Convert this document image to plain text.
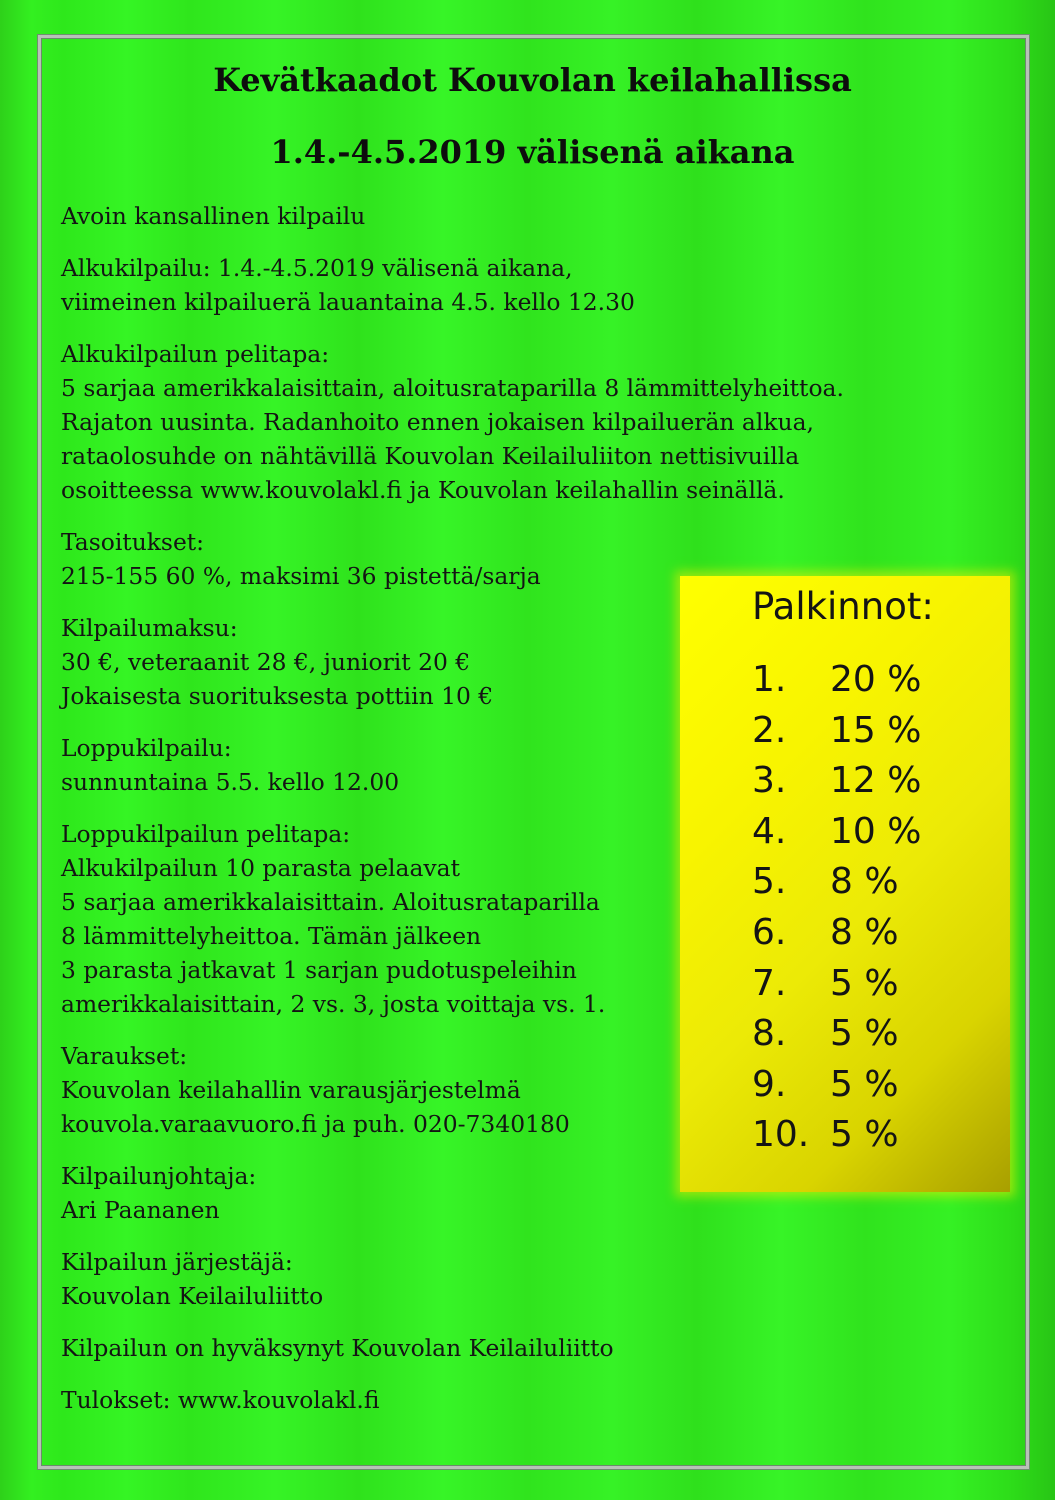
Kevätkaadot Kouvolan keilahallissa
1.4.-4.5.2019 välisenä aikana
Avoin kansallinen kilpailu
Alkukilpailu: 1.4.-4.5.2019 välisenä aikana,
viimeinen kilpailuerä lauantaina 4.5. kello 12.30
Alkukilpailun pelitapa:
5 sarjaa amerikkalaisittain, aloitusrataparilla 8 lämmittelyheittoa.
Rajaton uusinta. Radanhoito ennen jokaisen kilpailuerän alkua,
rataolosuhde on nähtävillä Kouvolan Keilailuliiton nettisivuilla
osoitteessa www.kouvolakl.fi ja Kouvolan keilahallin seinällä.
Tasoitukset:
215-155 60 %, maksimi 36 pistettä/sarja
Kilpailumaksu:
30 €, veteraanit 28 €, juniorit 20 €
Jokaisesta suorituksesta pottiin 10 €
Loppukilpailu:
sunnuntaina 5.5. kello 12.00
Loppukilpailun pelitapa:
Alkukilpailun 10 parasta pelaavat
5 sarjaa amerikkalaisittain. Aloitusrataparilla
8 lämmittelyheittoa. Tämän jälkeen
3 parasta jatkavat 1 sarjan pudotuspeleihin
amerikkalaisittain, 2 vs. 3, josta voittaja vs. 1.
Varaukset:
Kouvolan keilahallin varausjärjestelmä
kouvola.varaavuoro.fi ja puh. 020-7340180
Kilpailunjohtaja:
Ari Paananen
Kilpailun järjestäjä:
Kouvolan Keilailuliitto
Kilpailun on hyväksynyt Kouvolan Keilailuliitto
Tulokset: www.kouvolakl.fi

Palkinnot:

1. 20 %
2. 15 %
3. 12 %
4. 10 %
5. 8 %
6. 8 %
7. 5 %
8. 5 %
9. 5 %
10. 5 %
